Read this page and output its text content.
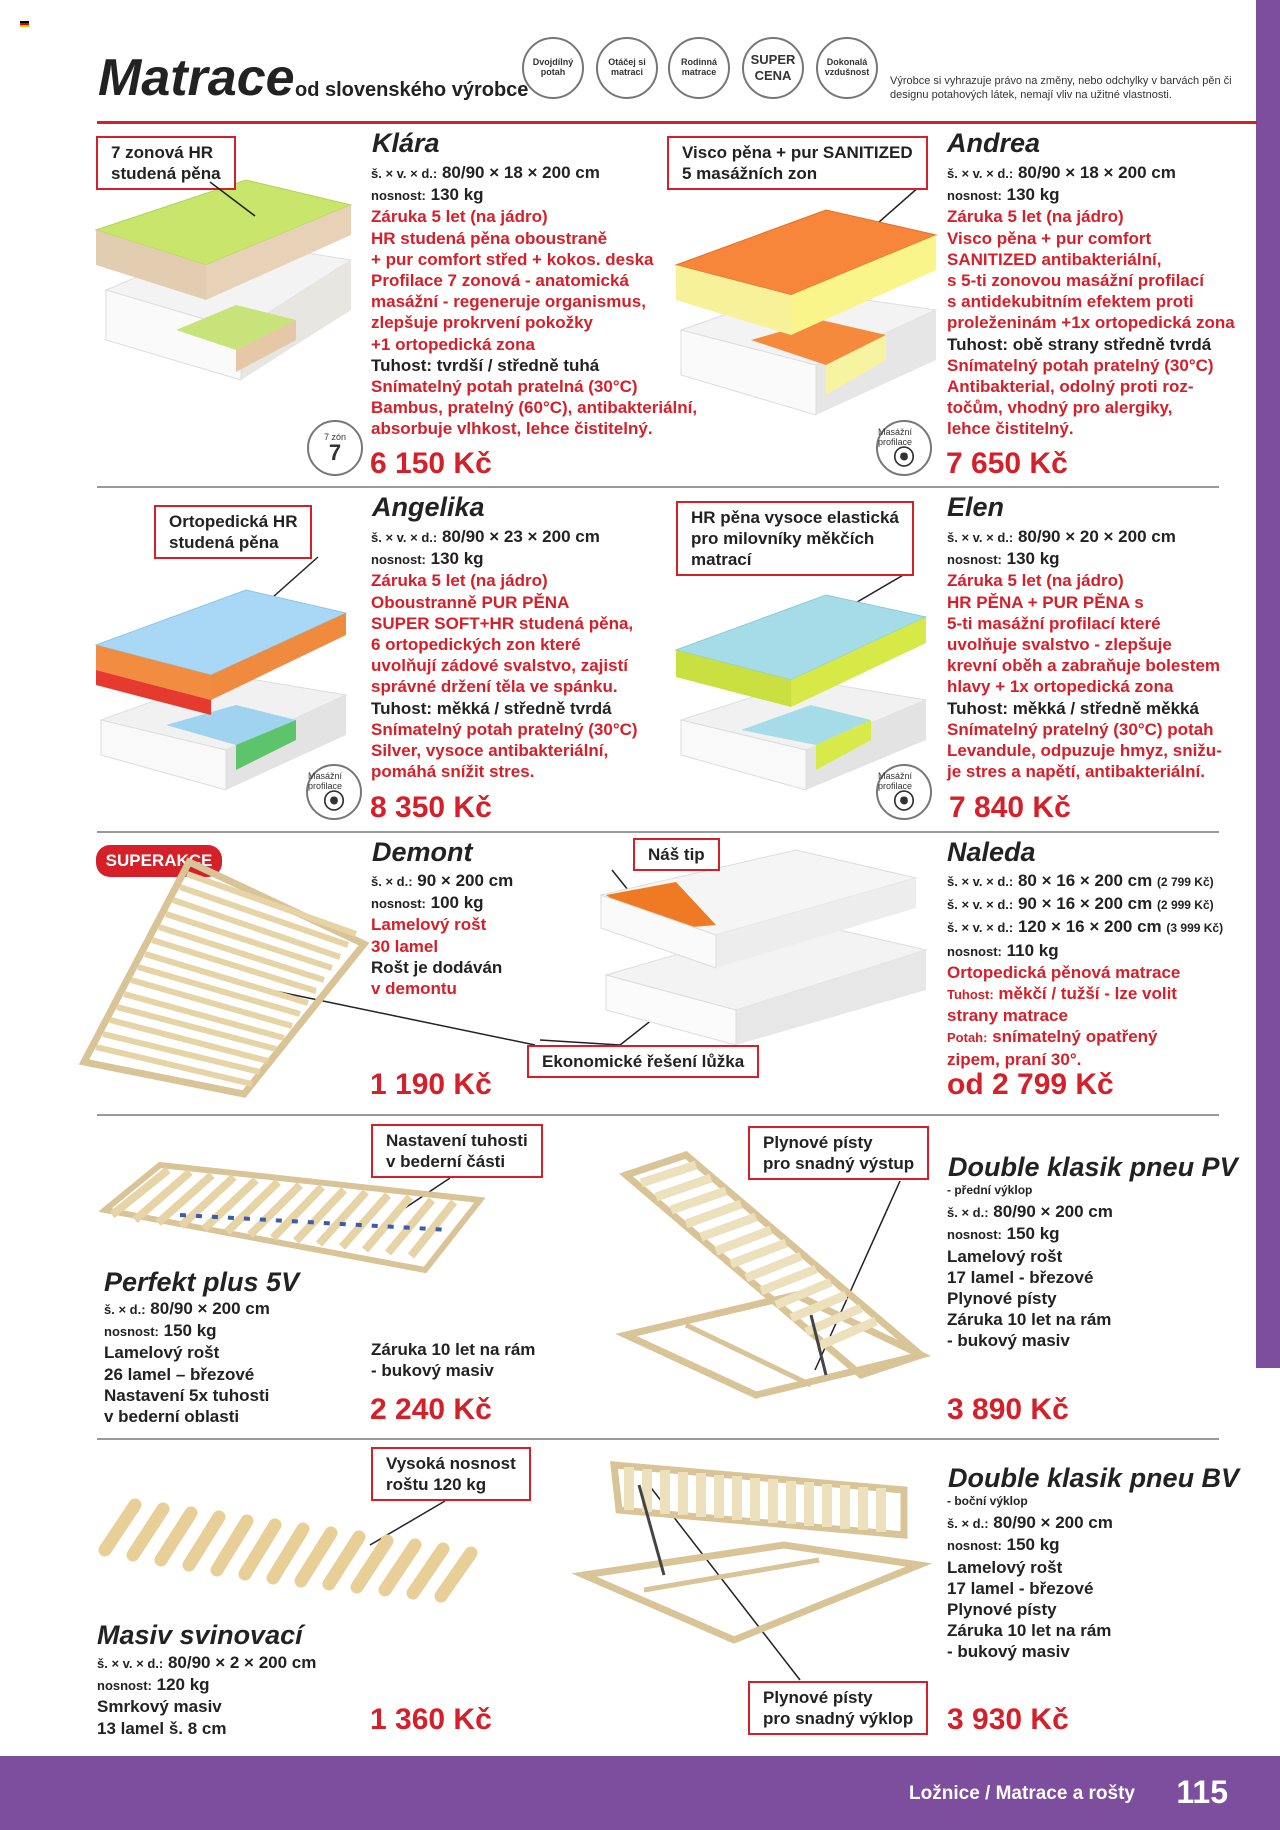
Matrace od slovenského výrobce
Dvojdílný potah
Otáčej si matraci
Rodinná matrace
SUPER CENA
Dokonalá vzdušnost
Výrobce si vyhrazuje právo na změny, nebo odchylky v barvách pěn či designu potahových látek, nemají vliv na užitné vlastnosti.
7 zonová HR
studená pěna
7 zón
7
Klára
š. × v. × d.: 80/90 × 18 × 200 cm
nosnost: 130 kg
Záruka 5 let (na jádro)
HR studená pěna oboustraně
+ pur comfort střed + kokos. deska
Profilace 7 zonová - anatomická
masážní - regeneruje organismus,
zlepšuje prokrvení pokožky
+1 ortopedická zona
Tuhost: tvrdší / středně tuhá
Snímatelný potah pratelná (30°C)
Bambus, pratelný (60°C), antibakteriální,
absorbuje vlhkost, lehce čistitelný.
6 150 Kč
Visco pěna + pur SANITIZED
5 masážních zon
Masážní profilace
⦿
Andrea
š. × v. × d.: 80/90 × 18 × 200 cm
nosnost: 130 kg
Záruka 5 let (na jádro)
Visco pěna + pur comfort
SANITIZED antibakteriální,
s 5-ti zonovou masážní profilací
s antidekubitním efektem proti
proleženinám +1x ortopedická zona
Tuhost: obě strany středně tvrdá
Snímatelný potah pratelný (30°C)
Antibakterial, odolný proti roz-
točům, vhodný pro alergiky,
lehce čistitelný.
7 650 Kč
Ortopedická HR
studená pěna
Masážní profilace
⦿
Angelika
š. × v. × d.: 80/90 × 23 × 200 cm
nosnost: 130 kg
Záruka 5 let (na jádro)
Oboustranně PUR PĚNA
SUPER SOFT+HR studená pěna,
6 ortopedických zon které
uvolňují zádové svalstvo, zajistí
správné držení těla ve spánku.
Tuhost: měkká / středně tvrdá
Snímatelný potah pratelný (30°C)
Silver, vysoce antibakteriální,
pomáhá snížit stres.
8 350 Kč
HR pěna vysoce elastická
pro milovníky měkčích
matrací
Masážní profilace
⦿
Elen
š. × v. × d.: 80/90 × 20 × 200 cm
nosnost: 130 kg
Záruka 5 let (na jádro)
HR PĚNA + PUR PĚNA s
5-ti masážní profilací které
uvolňuje svalstvo - zlepšuje
krevní oběh a zabraňuje bolestem
hlavy + 1x ortopedická zona
Tuhost: měkká / středně měkká
Snímatelný pratelný (30°C) potah
Levandule, odpuzuje hmyz, snižu-
je stres a napětí, antibakteriální.
7 840 Kč
SUPERAKCE	Demont
š. × d.: 90 × 200 cm
nosnost: 100 kg
Lamelový rošt
30 lamel
Rošt je dodáván
v demontu
1 190 Kč
Náš tip
Ekonomické řešení lůžka
Naleda
š. × v. × d.: 80 × 16 × 200 cm (2 799 Kč)
š. × v. × d.: 90 × 16 × 200 cm (2 999 Kč)
š. × v. × d.: 120 × 16 × 200 cm (3 999 Kč)
nosnost: 110 kg
Ortopedická pěnová matrace
Tuhost: měkčí / tužší - lze volit
strany matrace
Potah: snímatelný opatřený
zipem, praní 30°.
od 2 799 Kč
Nastavení tuhosti
v bederní části
Perfekt plus 5V
š. × d.: 80/90 × 200 cm
nosnost: 150 kg
Lamelový rošt
26 lamel – březové
Nastavení 5x tuhosti
v bederní oblasti
Záruka 10 let na rám
- bukový masiv
2 240 Kč
Plynové písty
pro snadný výstup Double klasik pneu PV
- přední výklop
š. × d.: 80/90 × 200 cm
nosnost: 150 kg
Lamelový rošt
17 lamel - březové
Plynové písty
Záruka 10 let na rám
- bukový masiv
3 890 Kč
Vysoká nosnost
roštu 120 kg
Masiv svinovací
š. × v. × d.: 80/90 × 2 × 200 cm
nosnost: 120 kg
Smrkový masiv
13 lamel š. 8 cm	1 360 Kč
Plynové písty
pro snadný výklop
Double klasik pneu BV
- boční výklop
š. × d.: 80/90 × 200 cm
nosnost: 150 kg
Lamelový rošt
17 lamel - březové
Plynové písty
Záruka 10 let na rám
- bukový masiv
3 930 Kč
Ložnice / Matrace a rošty 115
